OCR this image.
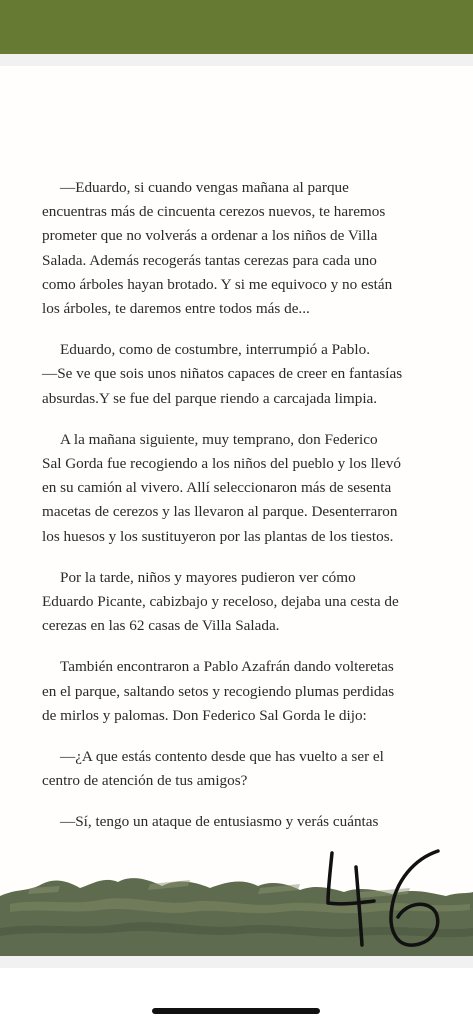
—Eduardo, si cuando vengas mañana al parque
encuentras más de cincuenta cerezos nuevos, te haremos
prometer que no volverás a ordenar a los niños de Villa
Salada. Además recogerás tantas cerezas para cada uno
como árboles hayan brotado. Y si me equivoco y no están
los árboles, te daremos entre todos más de...

Eduardo, como de costumbre, interrumpió a Pablo.
—Se ve que sois unos niñatos capaces de creer en fantasías
absurdas.Y se fue del parque riendo a carcajada limpia.

A la mañana siguiente, muy temprano, don Federico
Sal Gorda fue recogiendo a los niños del pueblo y los llevó
en su camión al vivero. Allí seleccionaron más de sesenta
macetas de cerezos y las llevaron al parque. Desenterraron
los huesos y los sustituyeron por las plantas de los tiestos.

Por la tarde, niños y mayores pudieron ver cómo
Eduardo Picante, cabizbajo y receloso, dejaba una cesta de
cerezas en las 62 casas de Villa Salada.

También encontraron a Pablo Azafrán dando volteretas
en el parque, saltando setos y recogiendo plumas perdidas
de mirlos y palomas. Don Federico Sal Gorda le dijo:

—¿A que estás contento desde que has vuelto a ser el
centro de atención de tus amigos?

—Sí, tengo un ataque de entusiasmo y verás cuántas
